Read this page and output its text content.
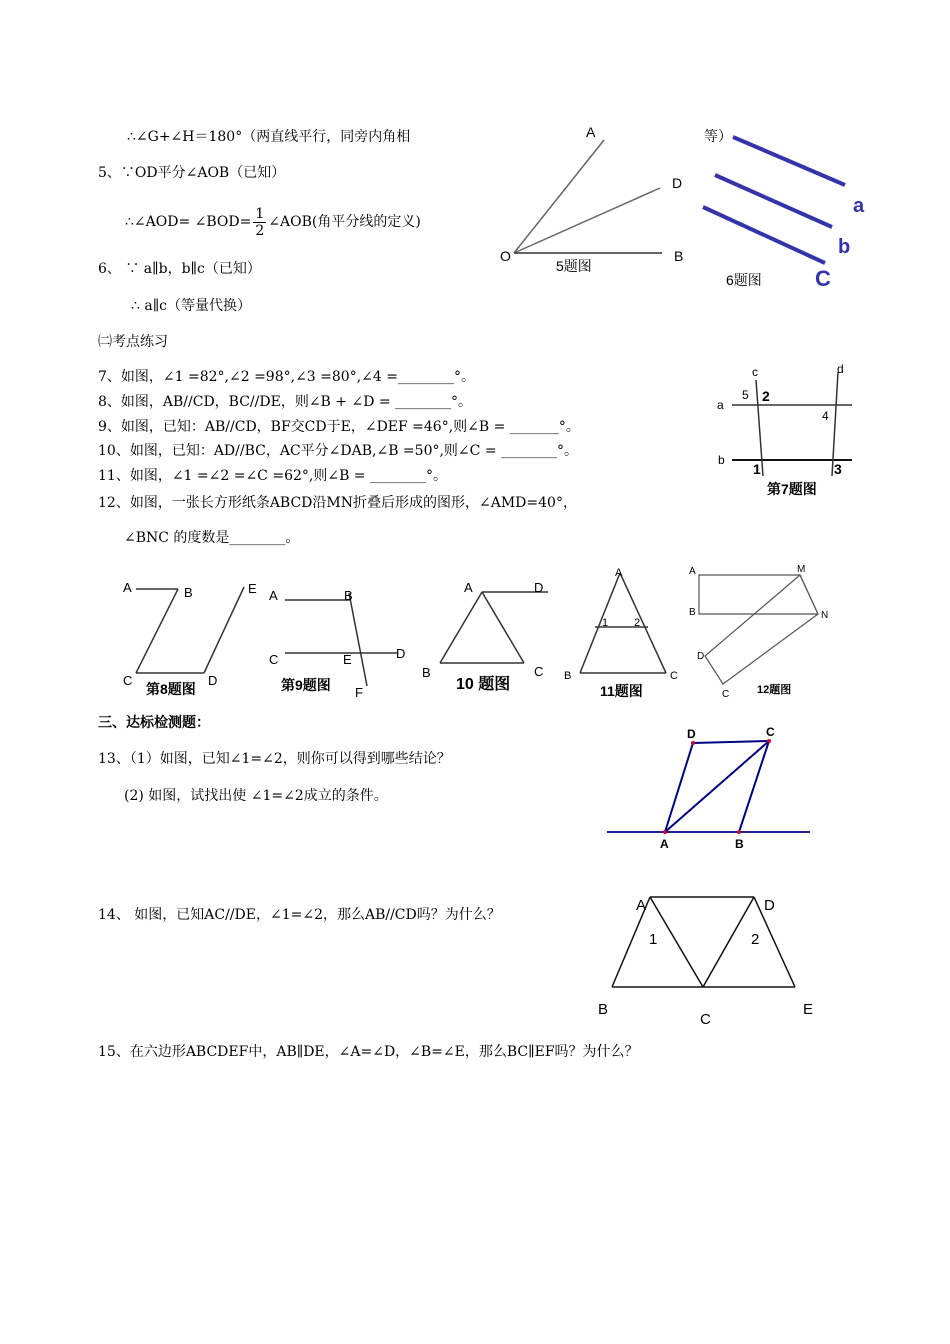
∴∠G+∠H＝180°（两直线平行，同旁内角相	等）
5、∵OD平分∠AOB（已知）
∴∠AOD= ∠BOD= $\frac{1}{2}$ ∠AOB(角平分线的定义)
6、 ∵ a∥b，b∥c（已知）
∴ a∥c（等量代换）
㈡考点练习
7、如图，∠1 =82°,∠2 =98°,∠3 =80°,∠4 =________°。
8、如图，AB//CD，BC//DE，则∠B + ∠D = ________°。
9、如图，已知：AB//CD，BF交CD于E，∠DEF =46°,则∠B = _______°。
10、如图，已知：AD//BC，AC平分∠DAB,∠B =50°,则∠C = ________°。
11、如图，∠1 =∠2 =∠C =62°,则∠B = ________°。
12、如图，一张长方形纸条ABCD沿MN折叠后形成的图形，∠AMD=40°，
∠BNC 的度数是________。
三、达标检测题：
13、（1）如图，已知∠1=∠2，则你可以得到哪些结论？
(2) 如图，试找出使 ∠1=∠2成立的条件。
14、 如图，已知AC//DE，∠1=∠2，那么AB//CD吗？为什么？
15、在六边形ABCDEF中，AB∥DE，∠A=∠D，∠B=∠E，那么BC∥EF吗？为什么？
A
D
O	B
5题图
a
b
C
6题图
c	d
a
b
5 2
4
1	3
第7题图
A	B	E
C	D
第8题图
A	B
C	E	D
F
第9题图
A	D
B	C
10 题图
A
1 2
B	C
11题图
A	M
B	N
D
C	12题图
D	C
A	B
A	D
1	2
B
C
E
